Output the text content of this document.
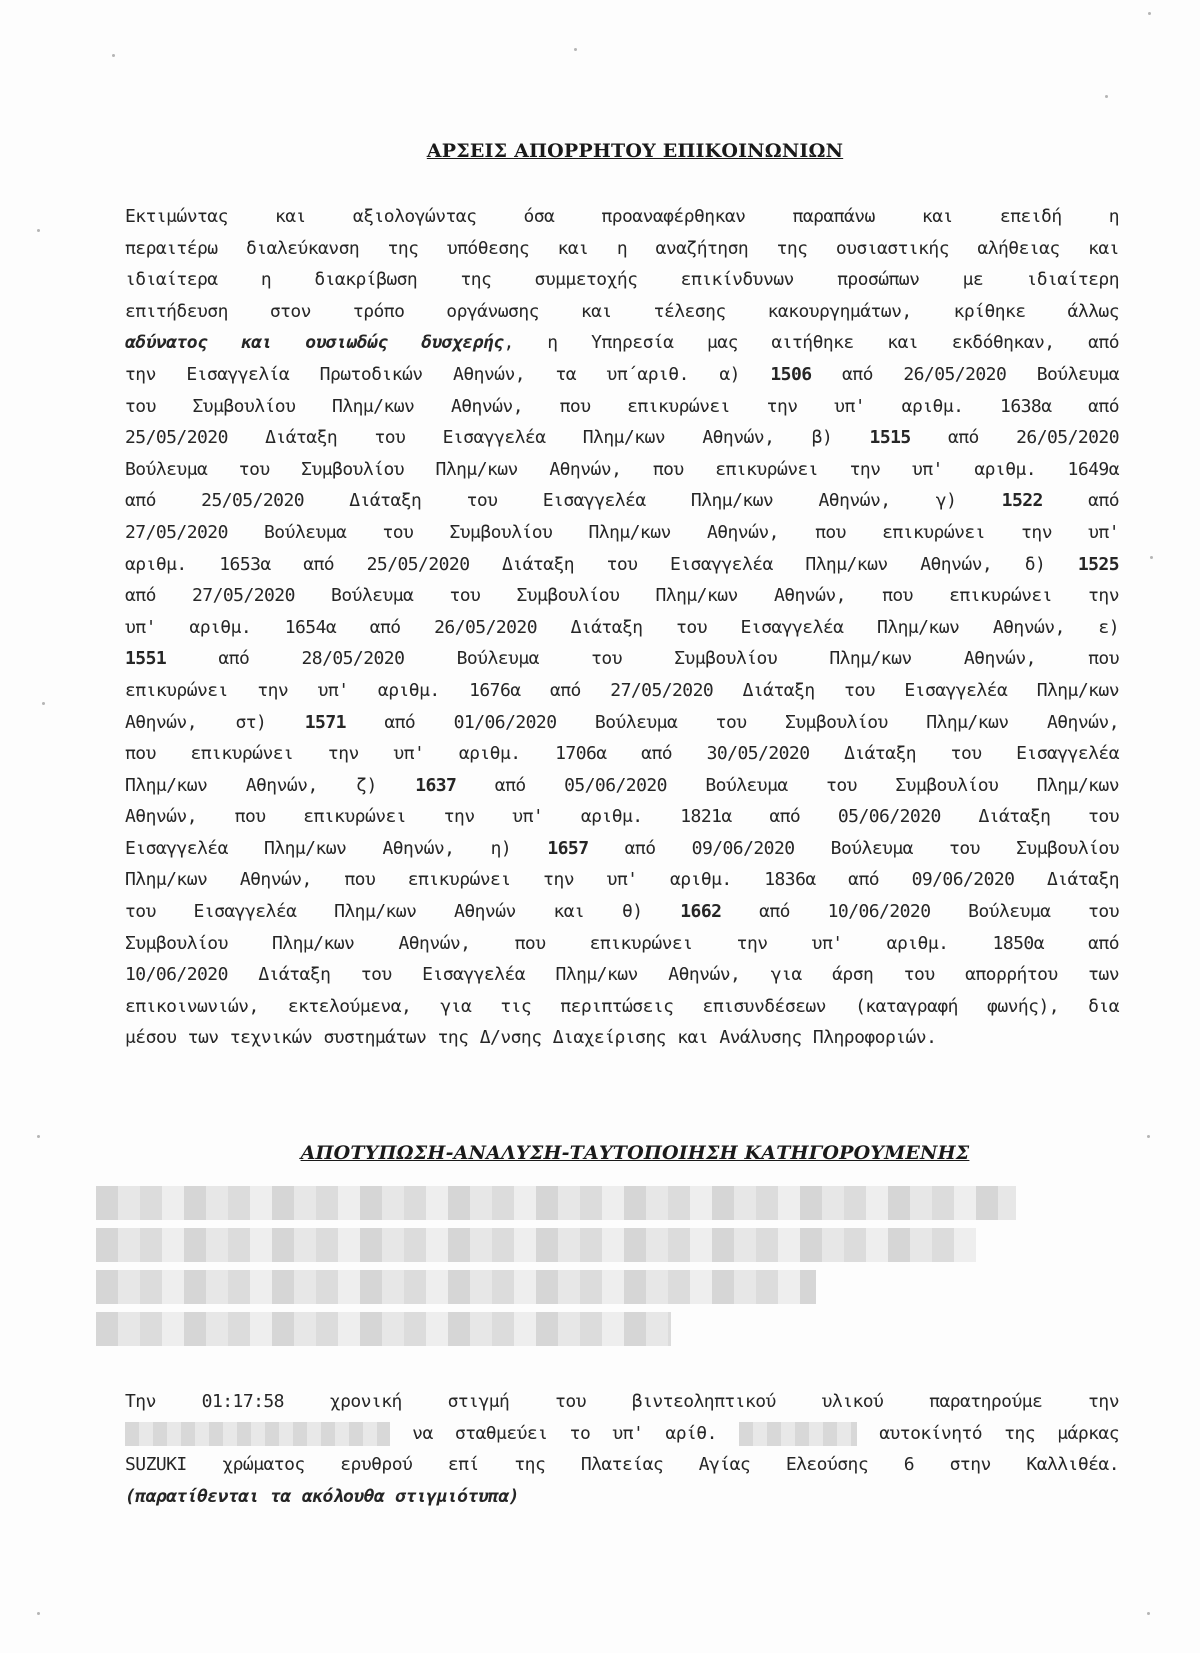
ΑΡΣΕΙΣ ΑΠΟΡΡΗΤΟΥ ΕΠΙΚΟΙΝΩΝΙΩΝ
Εκτιμώντας και αξιολογώντας όσα προαναφέρθηκαν παραπάνω και επειδή η
περαιτέρω διαλεύκανση της υπόθεσης και η αναζήτηση της ουσιαστικής αλήθειας και
ιδιαίτερα η διακρίβωση της συμμετοχής επικίνδυνων προσώπων με ιδιαίτερη
επιτήδευση στον τρόπο οργάνωσης και τέλεσης κακουργημάτων, κρίθηκε άλλως
αδύνατος και ουσιωδώς δυσχερής, η Υπηρεσία μας αιτήθηκε και εκδόθηκαν, από
την Εισαγγελία Πρωτοδικών Αθηνών, τα υπ΄αριθ. α) 1506 από 26/05/2020 Βούλευμα
του Συμβουλίου Πλημ/κων Αθηνών, που επικυρώνει την υπ' αριθμ. 1638α από
25/05/2020 Διάταξη του Εισαγγελέα Πλημ/κων Αθηνών, β) 1515 από 26/05/2020
Βούλευμα του Συμβουλίου Πλημ/κων Αθηνών, που επικυρώνει την υπ' αριθμ. 1649α
από 25/05/2020 Διάταξη του Εισαγγελέα Πλημ/κων Αθηνών, γ) 1522 από
27/05/2020 Βούλευμα του Συμβουλίου Πλημ/κων Αθηνών, που επικυρώνει την υπ'
αριθμ. 1653α από 25/05/2020 Διάταξη του Εισαγγελέα Πλημ/κων Αθηνών, δ) 1525
από 27/05/2020 Βούλευμα του Συμβουλίου Πλημ/κων Αθηνών, που επικυρώνει την
υπ' αριθμ. 1654α από 26/05/2020 Διάταξη του Εισαγγελέα Πλημ/κων Αθηνών, ε)
1551 από 28/05/2020 Βούλευμα του Συμβουλίου Πλημ/κων Αθηνών, που
επικυρώνει την υπ' αριθμ. 1676α από 27/05/2020 Διάταξη του Εισαγγελέα Πλημ/κων
Αθηνών, στ) 1571 από 01/06/2020 Βούλευμα του Συμβουλίου Πλημ/κων Αθηνών,
που επικυρώνει την υπ' αριθμ. 1706α από 30/05/2020 Διάταξη του Εισαγγελέα
Πλημ/κων Αθηνών, ζ) 1637 από 05/06/2020 Βούλευμα του Συμβουλίου Πλημ/κων
Αθηνών, που επικυρώνει την υπ' αριθμ. 1821α από 05/06/2020 Διάταξη του
Εισαγγελέα Πλημ/κων Αθηνών, η) 1657 από 09/06/2020 Βούλευμα του Συμβουλίου
Πλημ/κων Αθηνών, που επικυρώνει την υπ' αριθμ. 1836α από 09/06/2020 Διάταξη
του Εισαγγελέα Πλημ/κων Αθηνών και θ) 1662 από 10/06/2020 Βούλευμα του
Συμβουλίου Πλημ/κων Αθηνών, που επικυρώνει την υπ' αριθμ. 1850α από
10/06/2020 Διάταξη του Εισαγγελέα Πλημ/κων Αθηνών, για άρση του απορρήτου των
επικοινωνιών, εκτελούμενα, για τις περιπτώσεις επισυνδέσεων (καταγραφή φωνής), δια
μέσου των τεχνικών συστημάτων της Δ/νσης Διαχείρισης και Ανάλυσης Πληροφοριών.
ΑΠΟΤΥΠΩΣΗ-ΑΝΑΛΥΣΗ-ΤΑΥΤΟΠΟΙΗΣΗ ΚΑΤΗΓΟΡΟΥΜΕΝΗΣ
Την 01:17:58 χρονική στιγμή του βιντεοληπτικού υλικού παρατηρούμε την
να σταθμεύει το υπ' αρίθ.	αυτοκίνητό της μάρκας
SUZUKI χρώματος ερυθρού επί της Πλατείας Αγίας Ελεούσης 6 στην Καλλιθέα.
(παρατίθενται τα ακόλουθα στιγμιότυπα)
